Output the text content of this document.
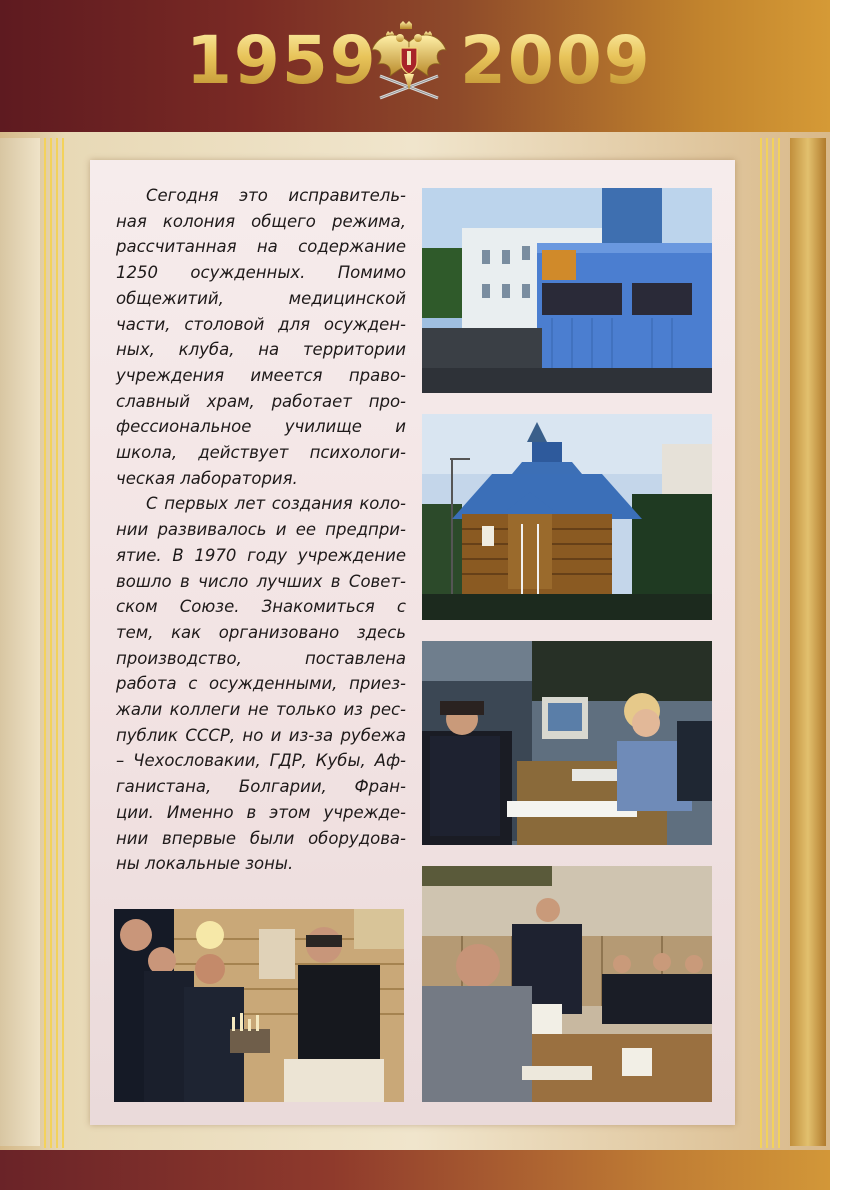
1959 2009

Сегодня это исправитель-
ная колония общего режима,
рассчитанная на содержание
1250 осужденных. Помимо
общежитий, медицинской
части, столовой для осужден-
ных, клуба, на территории
учреждения имеется право-
славный храм, работает про-
фессиональное училище и
школа, действует психологи-
ческая лаборатория.

С первых лет создания коло-
нии развивалось и ее предпри-
ятие. В 1970 году учреждение
вошло в число лучших в Совет-
ском Союзе. Знакомиться с
тем, как организовано здесь
производство, поставлена
работа с осужденными, приез-
жали коллеги не только из рес-
публик СССР, но и из-за рубежа
– Чехословакии, ГДР, Кубы, Аф-
ганистана, Болгарии, Фран-
ции. Именно в этом учрежде-
нии впервые были оборудова-
ны локальные зоны.
